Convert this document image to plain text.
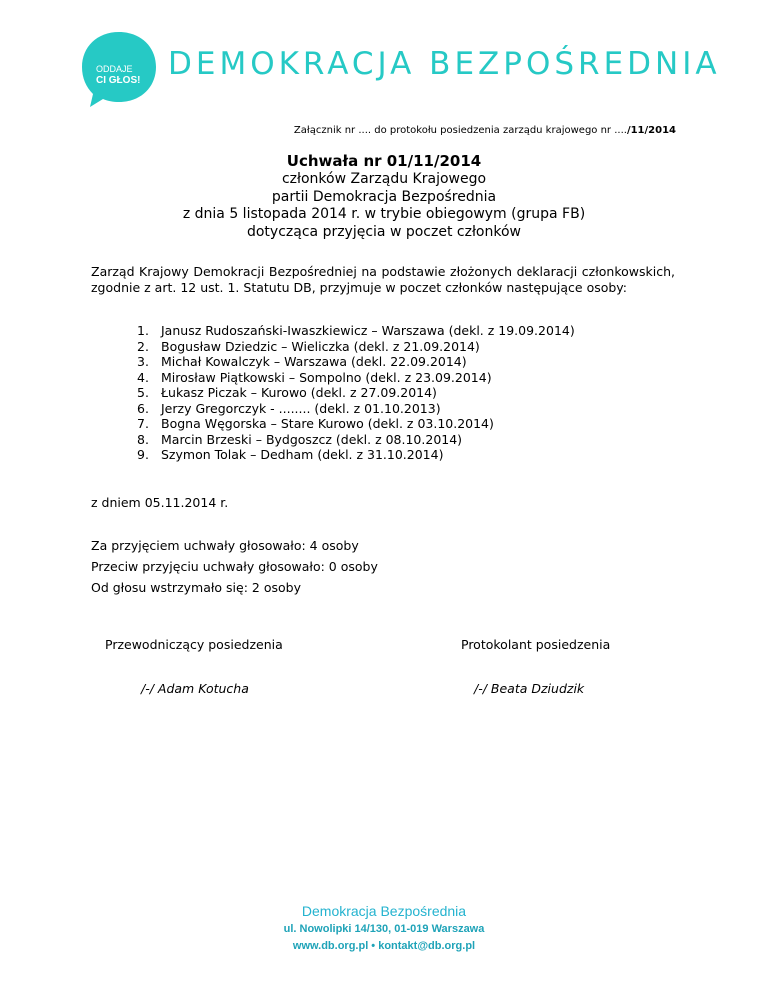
ODDAJE
CI GŁOS! DEMOKRACJA BEZPOŚREDNIA
Załącznik nr .... do protokołu posiedzenia zarządu krajowego nr ..../11/2014
Uchwała nr 01/11/2014
członków Zarządu Krajowego
partii Demokracja Bezpośrednia
z dnia 5 listopada 2014 r. w trybie obiegowym (grupa FB)
dotycząca przyjęcia w poczet członków
Zarząd Krajowy Demokracji Bezpośredniej na podstawie złożonych deklaracji członkowskich, zgodnie z art. 12 ust. 1. Statutu DB, przyjmuje w poczet członków następujące osoby:
1. Janusz Rudoszański-Iwaszkiewicz – Warszawa (dekl. z 19.09.2014)
2. Bogusław Dziedzic – Wieliczka (dekl. z 21.09.2014)
3. Michał Kowalczyk – Warszawa (dekl. 22.09.2014)
4. Mirosław Piątkowski – Sompolno (dekl. z 23.09.2014)
5. Łukasz Piczak – Kurowo (dekl. z 27.09.2014)
6. Jerzy Gregorczyk - ........ (dekl. z 01.10.2013)
7. Bogna Węgorska – Stare Kurowo (dekl. z 03.10.2014)
8. Marcin Brzeski – Bydgoszcz (dekl. z 08.10.2014)
9. Szymon Tolak – Dedham (dekl. z 31.10.2014)
z dniem 05.11.2014 r.
Za przyjęciem uchwały głosowało: 4 osoby
Przeciw przyjęciu uchwały głosowało: 0 osoby
Od głosu wstrzymało się: 2 osoby
Przewodniczący posiedzenia	Protokolant posiedzenia
/-/ Adam Kotucha	/-/ Beata Dziudzik
Demokracja Bezpośrednia
ul. Nowolipki 14/130, 01-019 Warszawa
www.db.org.pl • kontakt@db.org.pl
